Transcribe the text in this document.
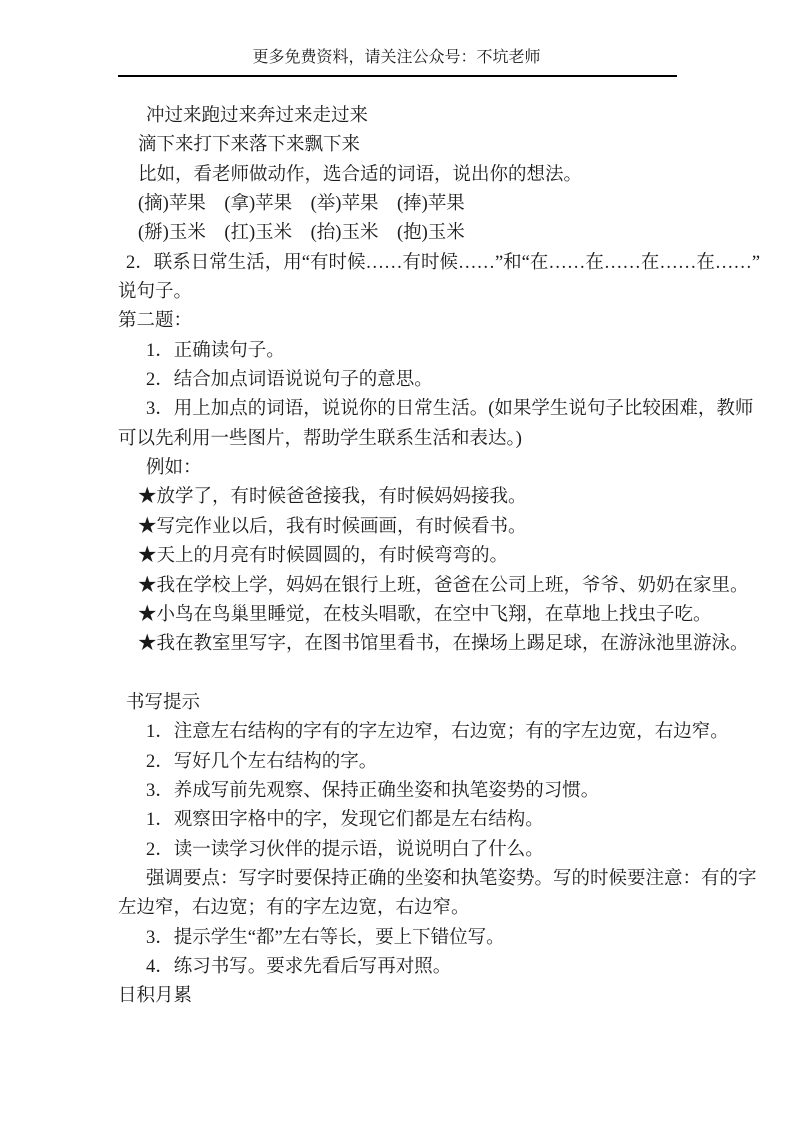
更多免费资料，请关注公众号：不坑老师
冲过来跑过来奔过来走过来
滴下来打下来落下来飘下来
比如，看老师做动作，选合适的词语，说出你的想法。
(摘)苹果　(拿)苹果　(举)苹果　(捧)苹果
(掰)玉米　(扛)玉米　(抬)玉米　(抱)玉米
2．联系日常生活，用“有时候……有时候……”和“在……在……在……在……”
说句子。
第二题：
1．正确读句子。
2．结合加点词语说说句子的意思。
3．用上加点的词语，说说你的日常生活。(如果学生说句子比较困难，教师
可以先利用一些图片，帮助学生联系生活和表达。)
例如：
★放学了，有时候爸爸接我，有时候妈妈接我。
★写完作业以后，我有时候画画，有时候看书。
★天上的月亮有时候圆圆的，有时候弯弯的。
★我在学校上学，妈妈在银行上班，爸爸在公司上班，爷爷、奶奶在家里。
★小鸟在鸟巢里睡觉，在枝头唱歌，在空中飞翔，在草地上找虫子吃。
★我在教室里写字，在图书馆里看书，在操场上踢足球，在游泳池里游泳。
书写提示
1．注意左右结构的字有的字左边窄，右边宽；有的字左边宽，右边窄。
2．写好几个左右结构的字。
3．养成写前先观察、保持正确坐姿和执笔姿势的习惯。
1．观察田字格中的字，发现它们都是左右结构。
2．读一读学习伙伴的提示语，说说明白了什么。
强调要点：写字时要保持正确的坐姿和执笔姿势。写的时候要注意：有的字
左边窄，右边宽；有的字左边宽，右边窄。
3．提示学生“都”左右等长，要上下错位写。
4．练习书写。要求先看后写再对照。
日积月累
